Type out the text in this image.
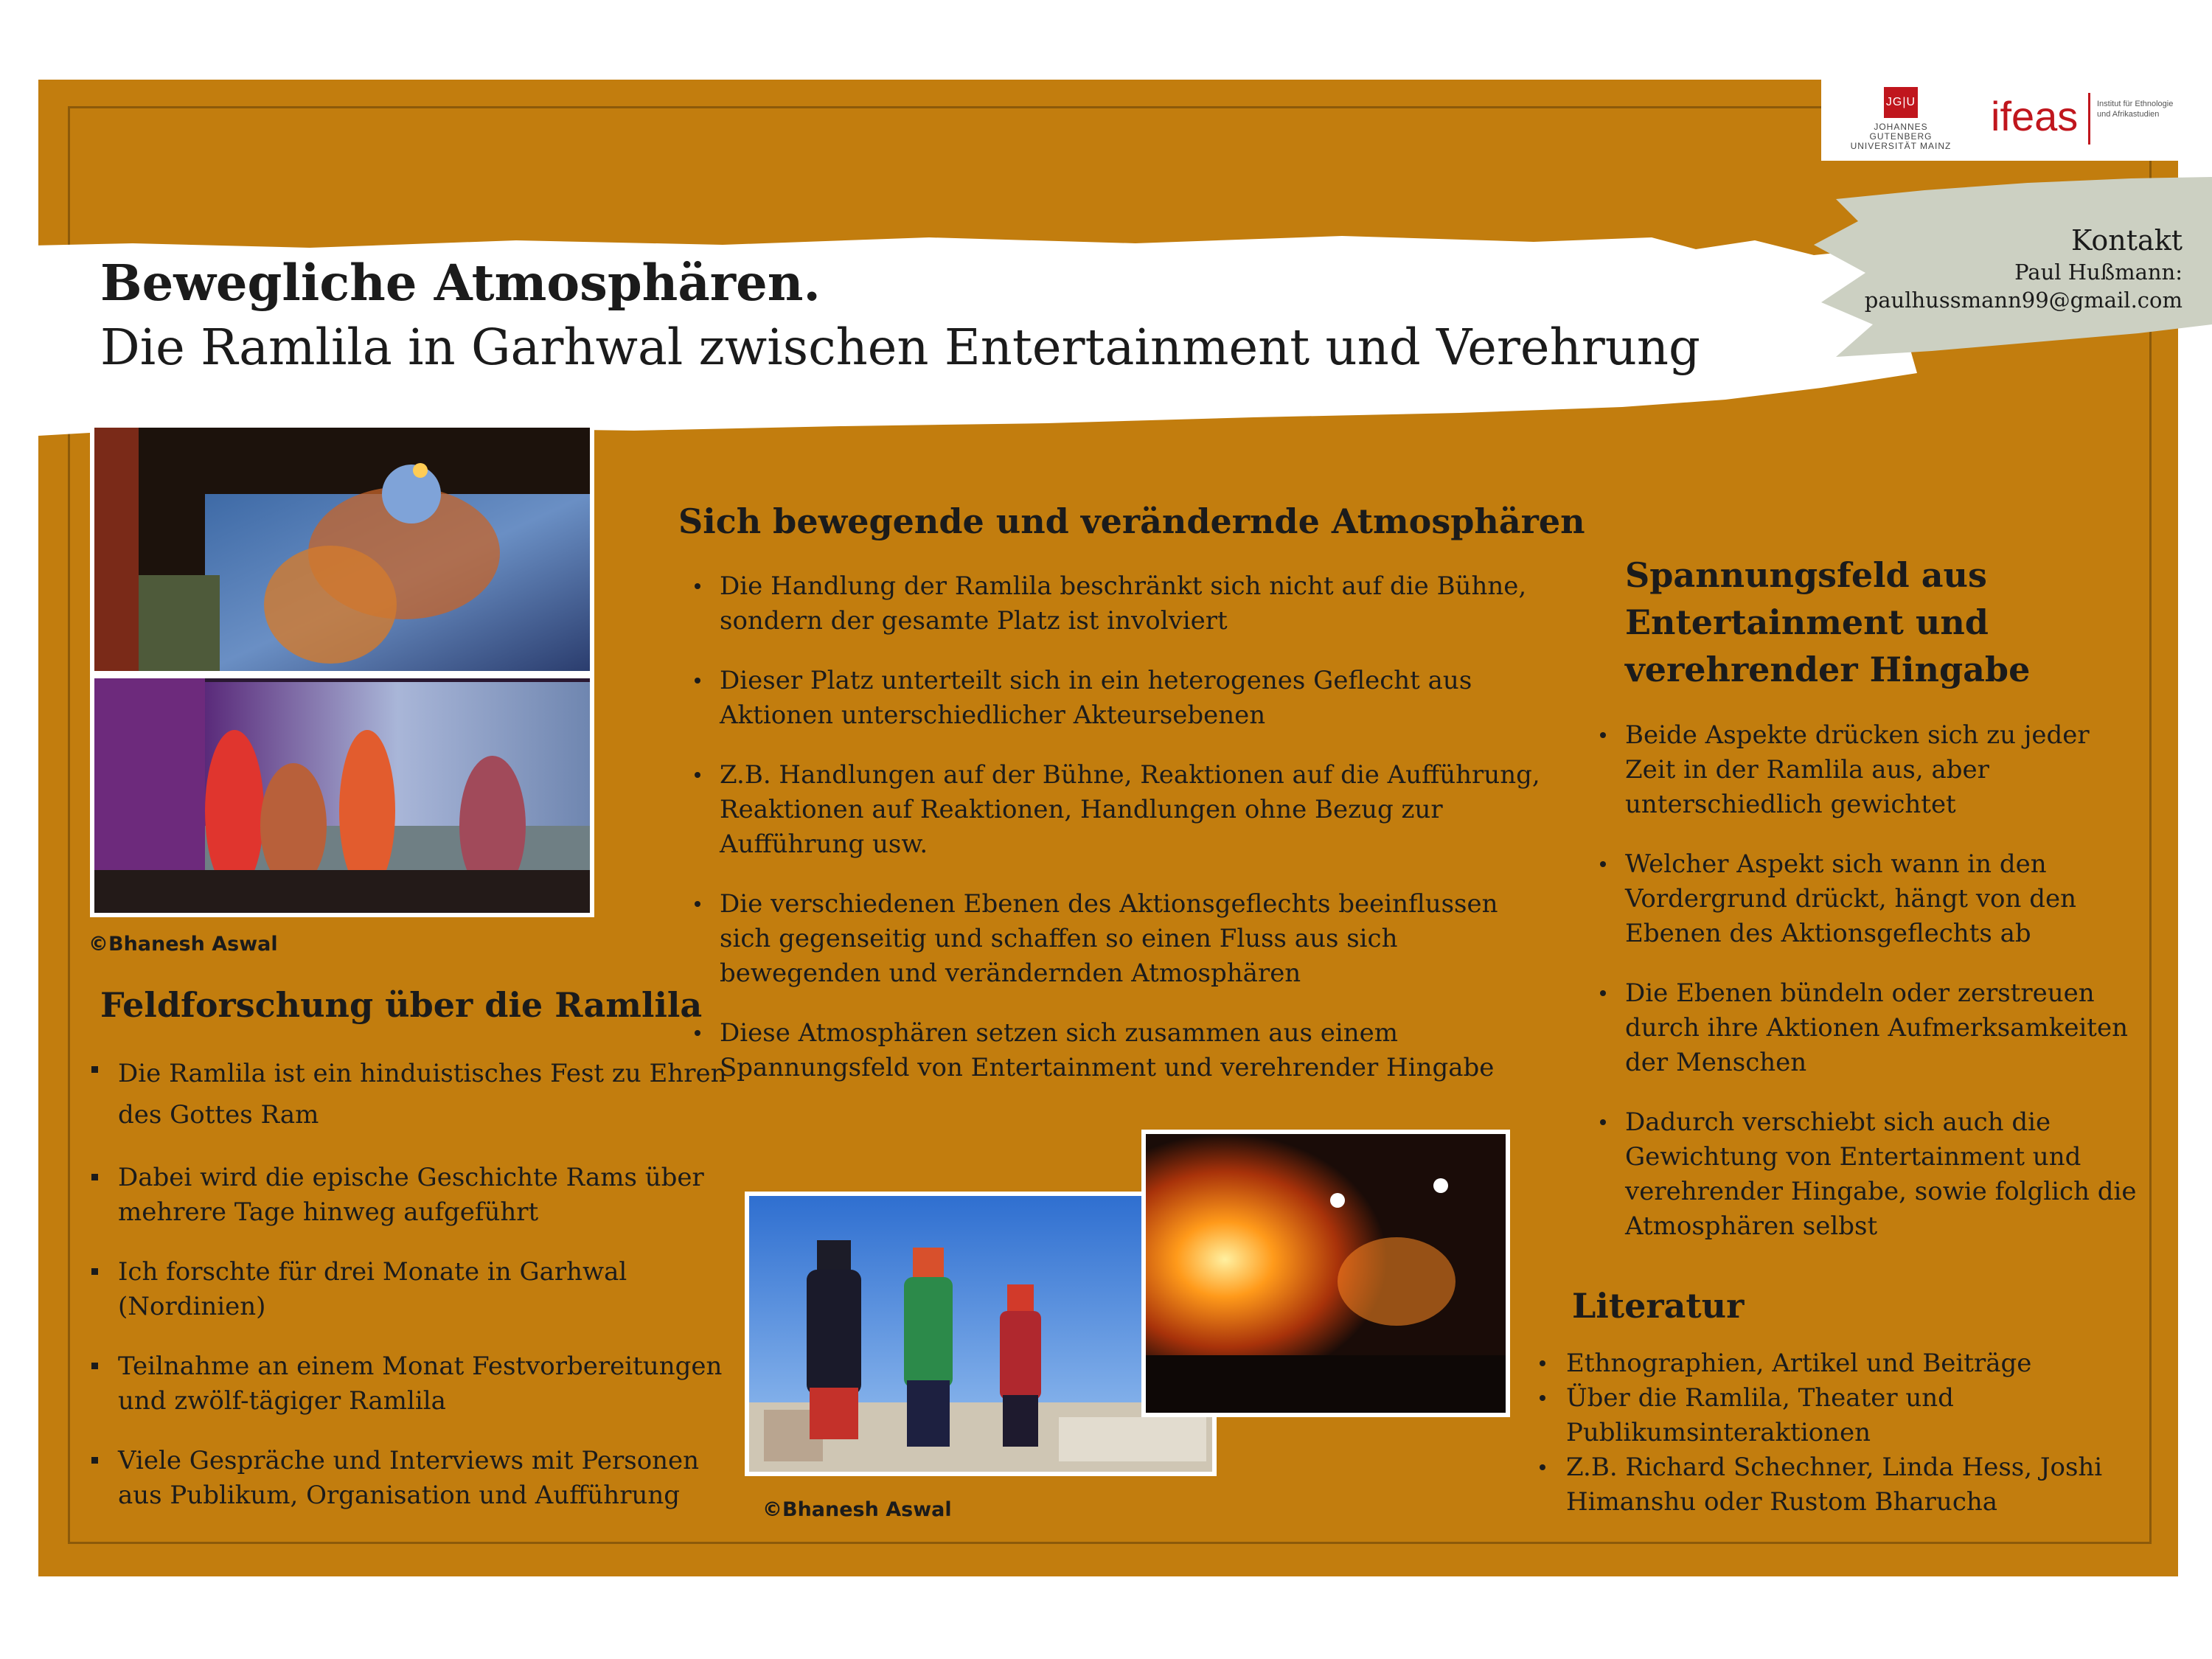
JG|U
JOHANNES GUTENBERG UNIVERSITÄT MAINZ
ifeas Institut für Ethnologie und Afrikastudien
Bewegliche Atmosphären.
Die Ramlila in Garhwal zwischen Entertainment und Verehrung
Kontakt
Paul Hußmann:
paulhussmann99@gmail.com
©Bhanesh Aswal
Feldforschung über die Ramlila
Die Ramlila ist ein hinduistisches Fest zu Ehren des Gottes Ram
Dabei wird die epische Geschichte Rams über mehrere Tage hinweg aufgeführt
Ich forschte für drei Monate in Garhwal (Nordinien)
Teilnahme an einem Monat Festvorbereitungen und zwölf-tägiger Ramlila
Viele Gespräche und Interviews mit Personen aus Publikum, Organisation und Aufführung
Sich bewegende und verändernde Atmosphären
Die Handlung der Ramlila beschränkt sich nicht auf die Bühne, sondern der gesamte Platz ist involviert
Dieser Platz unterteilt sich in ein heterogenes Geflecht aus Aktionen unterschiedlicher Akteursebenen
Z.B. Handlungen auf der Bühne, Reaktionen auf die Aufführung, Reaktionen auf Reaktionen, Handlungen ohne Bezug zur Aufführung usw.
Die verschiedenen Ebenen des Aktionsgeflechts beeinflussen sich gegenseitig und schaffen so einen Fluss aus sich bewegenden und verändernden Atmosphären
Diese Atmosphären setzen sich zusammen aus einem Spannungsfeld von Entertainment und verehrender Hingabe
©Bhanesh Aswal
Spannungsfeld aus Entertainment und verehrender Hingabe
Beide Aspekte drücken sich zu jeder Zeit in der Ramlila aus, aber unterschiedlich gewichtet
Welcher Aspekt sich wann in den Vordergrund drückt, hängt von den Ebenen des Aktionsgeflechts ab
Die Ebenen bündeln oder zerstreuen durch ihre Aktionen Aufmerksamkeiten der Menschen
Dadurch verschiebt sich auch die Gewichtung von Entertainment und verehrender Hingabe, sowie folglich die Atmosphären selbst
Literatur
Ethnographien, Artikel und Beiträge
Über die Ramlila, Theater und Publikumsinteraktionen
Z.B. Richard Schechner, Linda Hess, Joshi Himanshu oder Rustom Bharucha
